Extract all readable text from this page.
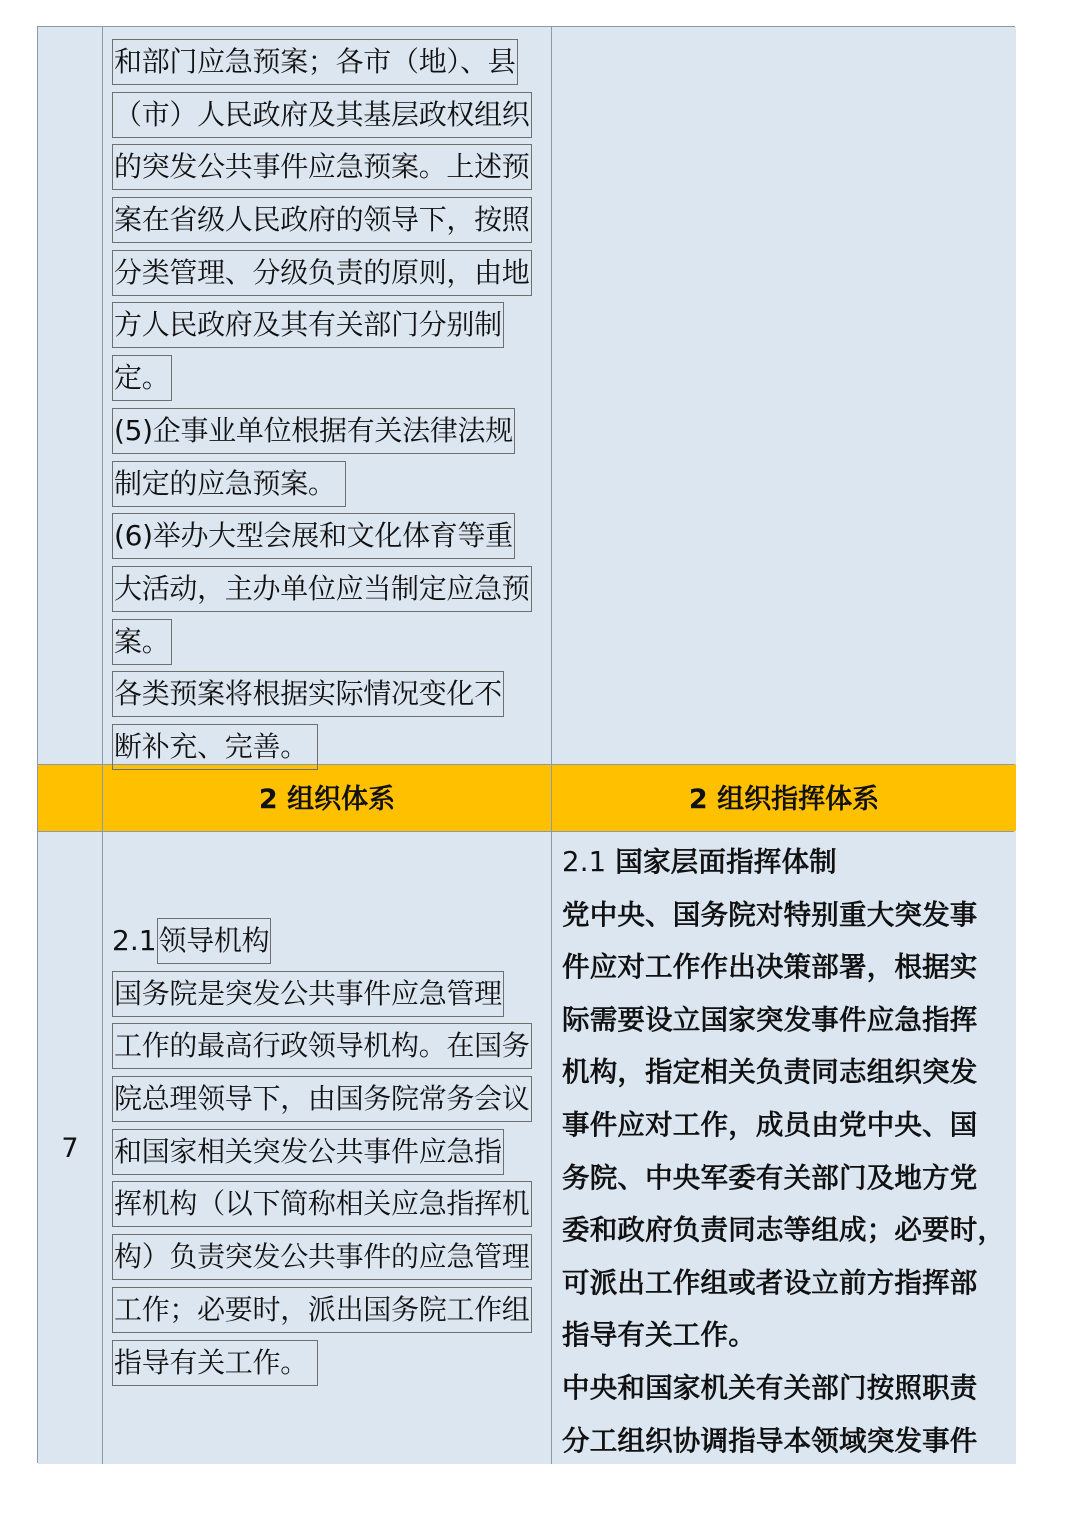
和部门应急预案；各市（地）、县
（市）人民政府及其基层政权组织
的突发公共事件应急预案。上述预
案在省级人民政府的领导下，按照
分类管理、分级负责的原则，由地
方人民政府及其有关部门分别制
定。
(5)企事业单位根据有关法律法规
制定的应急预案。
(6)举办大型会展和文化体育等重
大活动，主办单位应当制定应急预
案。
各类预案将根据实际情况变化不
断补充、完善。
2 组织体系	2 组织指挥体系
7
2.1领导机构
国务院是突发公共事件应急管理
工作的最高行政领导机构。在国务
院总理领导下，由国务院常务会议
和国家相关突发公共事件应急指
挥机构（以下简称相关应急指挥机
构）负责突发公共事件的应急管理
工作；必要时，派出国务院工作组
指导有关工作。
2.1 国家层面指挥体制
党中央、国务院对特别重大突发事
件应对工作作出决策部署，根据实
际需要设立国家突发事件应急指挥
机构，指定相关负责同志组织突发
事件应对工作，成员由党中央、国
务院、中央军委有关部门及地方党
委和政府负责同志等组成；必要时，
可派出工作组或者设立前方指挥部
指导有关工作。
中央和国家机关有关部门按照职责
分工组织协调指导本领域突发事件
